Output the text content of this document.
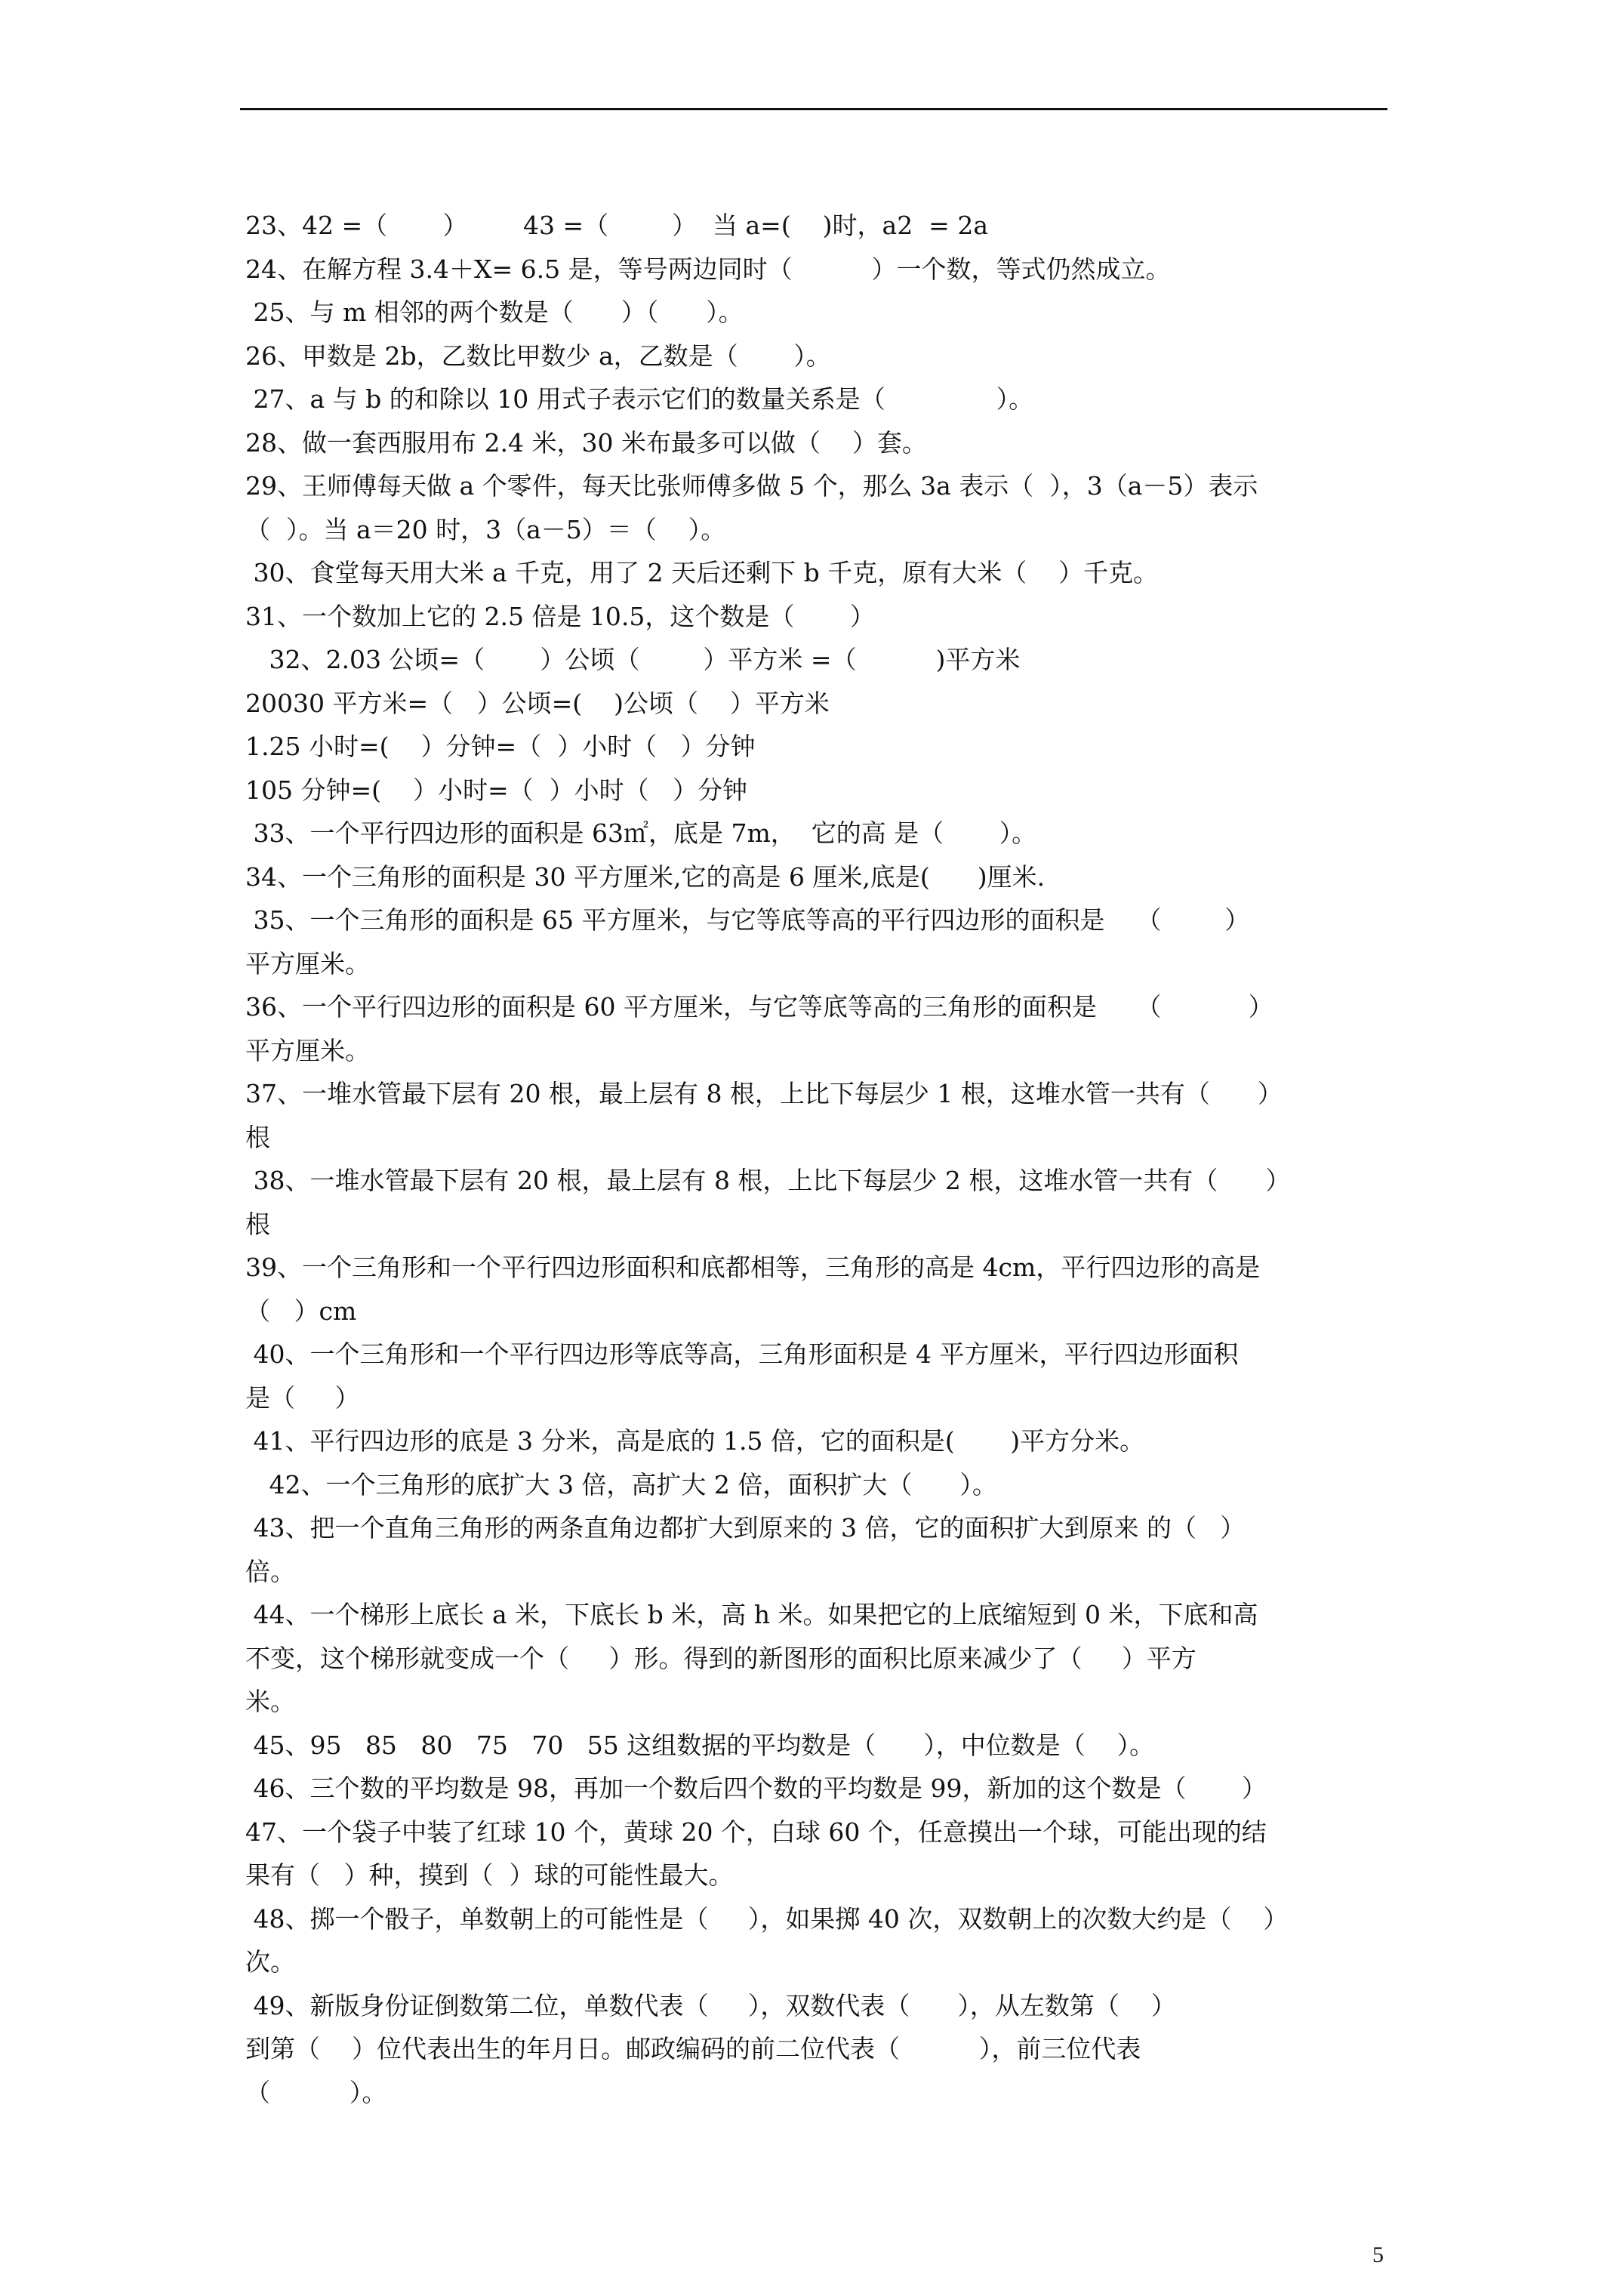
23、42 =（       ）       43 =（        ）  当 a=(    )时，a2  = 2a
24、在解方程 3.4＋X= 6.5 是，等号两边同时（          ）一个数，等式仍然成立。
25、与 m 相邻的两个数是（      ）（      ）。
26、甲数是 2b，乙数比甲数少 a，乙数是（       ）。
27、a 与 b 的和除以 10 用式子表示它们的数量关系是（              ）。
28、做一套西服用布 2.4 米，30 米布最多可以做（    ）套。
29、王师傅每天做 a 个零件，每天比张师傅多做 5 个，那么 3a 表示（  ），3（a－5）表示
（  ）。当 a＝20 时，3（a－5）＝（    ）。
30、食堂每天用大米 a 千克，用了 2 天后还剩下 b 千克，原有大米（    ）千克。
31、一个数加上它的 2.5 倍是 10.5，这个数是（       ）
32、2.03 公顷=（       ）公顷（        ）平方米 =（          )平方米
20030 平方米=（   ）公顷=(    )公顷（    ）平方米
1.25 小时=(    ）分钟=（  ）小时（   ）分钟
105 分钟=(    ）小时=（  ）小时（   ）分钟
33、一个平行四边形的面积是 63㎡，底是 7m，  它的高 是（       ）。
34、一个三角形的面积是 30 平方厘米,它的高是 6 厘米,底是(      )厘米.
35、一个三角形的面积是 65 平方厘米，与它等底等高的平行四边形的面积是    （        ）
平方厘米。
36、一个平行四边形的面积是 60 平方厘米，与它等底等高的三角形的面积是     （           ）
平方厘米。
37、一堆水管最下层有 20 根，最上层有 8 根，上比下每层少 1 根，这堆水管一共有（      ）
根
38、一堆水管最下层有 20 根，最上层有 8 根，上比下每层少 2 根，这堆水管一共有（      ）
根
39、一个三角形和一个平行四边形面积和底都相等，三角形的高是 4cm，平行四边形的高是
（   ）cm
40、一个三角形和一个平行四边形等底等高，三角形面积是 4 平方厘米，平行四边形面积
是（     ）
41、平行四边形的底是 3 分米，高是底的 1.5 倍，它的面积是(       )平方分米。
42、一个三角形的底扩大 3 倍，高扩大 2 倍，面积扩大（      ）。
43、把一个直角三角形的两条直角边都扩大到原来的 3 倍，它的面积扩大到原来 的（   ）
倍。
44、一个梯形上底长 a 米，下底长 b 米，高 h 米。如果把它的上底缩短到 0 米，下底和高
不变，这个梯形就变成一个（     ）形。得到的新图形的面积比原来减少了（     ）平方
米。
45、95   85   80   75   70   55 这组数据的平均数是（      ），中位数是（    ）。
46、三个数的平均数是 98，再加一个数后四个数的平均数是 99，新加的这个数是（       ）
47、一个袋子中装了红球 10 个，黄球 20 个，白球 60 个，任意摸出一个球，可能出现的结
果有（   ）种，摸到（  ）球的可能性最大。
48、掷一个骰子，单数朝上的可能性是（     ），如果掷 40 次，双数朝上的次数大约是（    ）
次。
49、新版身份证倒数第二位，单数代表（     ），双数代表（      ），从左数第（    ）
到第（    ）位代表出生的年月日。邮政编码的前二位代表（          ），前三位代表
（          ）。
5
